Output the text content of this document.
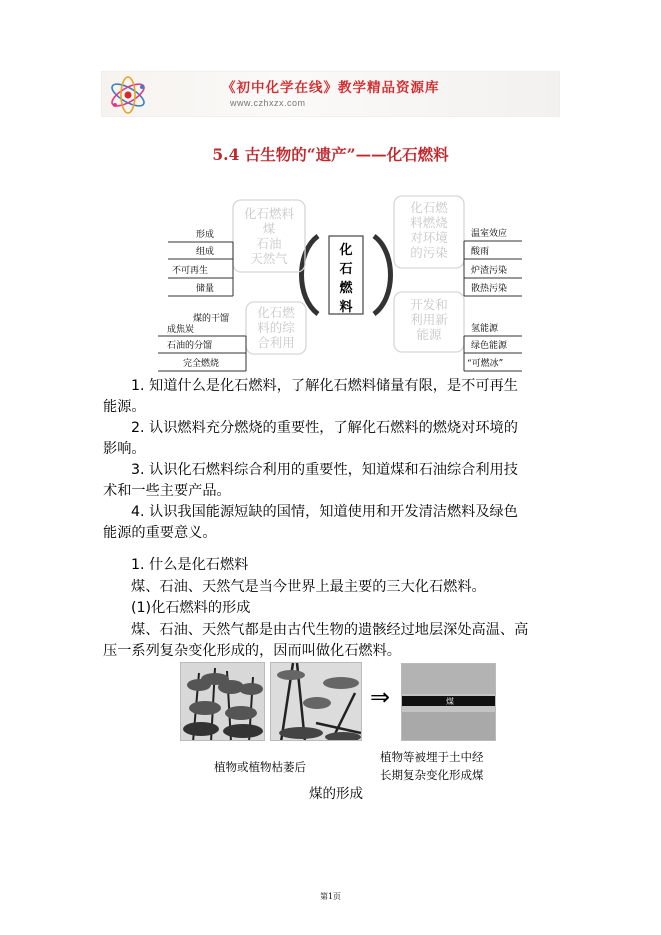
《初中化学在线》教学精品资源库
www.czhxzx.com
5.4 古生物的“遗产”——化石燃料
化
石
燃
料
化石燃料
煤
石油
天然气
化石燃
料的综
合利用
化石燃
料燃烧
对环境
的污染
开发和
利用新
能源
形成
组成
不可再生
储量
煤的干馏
成焦炭
石油的分馏
完全燃烧
温室效应
酸雨
炉渣污染
散热污染
氢能源
绿色能源
“可燃冰”
1. 知道什么是化石燃料，了解化石燃料储量有限，是不可再生
能源。
2. 认识燃料充分燃烧的重要性，了解化石燃料的燃烧对环境的
影响。
3. 认识化石燃料综合利用的重要性，知道煤和石油综合利用技
术和一些主要产品。
4. 认识我国能源短缺的国情，知道使用和开发清洁燃料及绿色
能源的重要意义。
1. 什么是化石燃料
煤、石油、天然气是当今世界上最主要的三大化石燃料。
(1)化石燃料的形成
煤、石油、天然气都是由古代生物的遗骸经过地层深处高温、高
压一系列复杂变化形成的，因而叫做化石燃料。
⇒	煤
植物或植物枯萎后
植物等被埋于土中经
长期复杂变化形成煤
煤的形成
第1页
